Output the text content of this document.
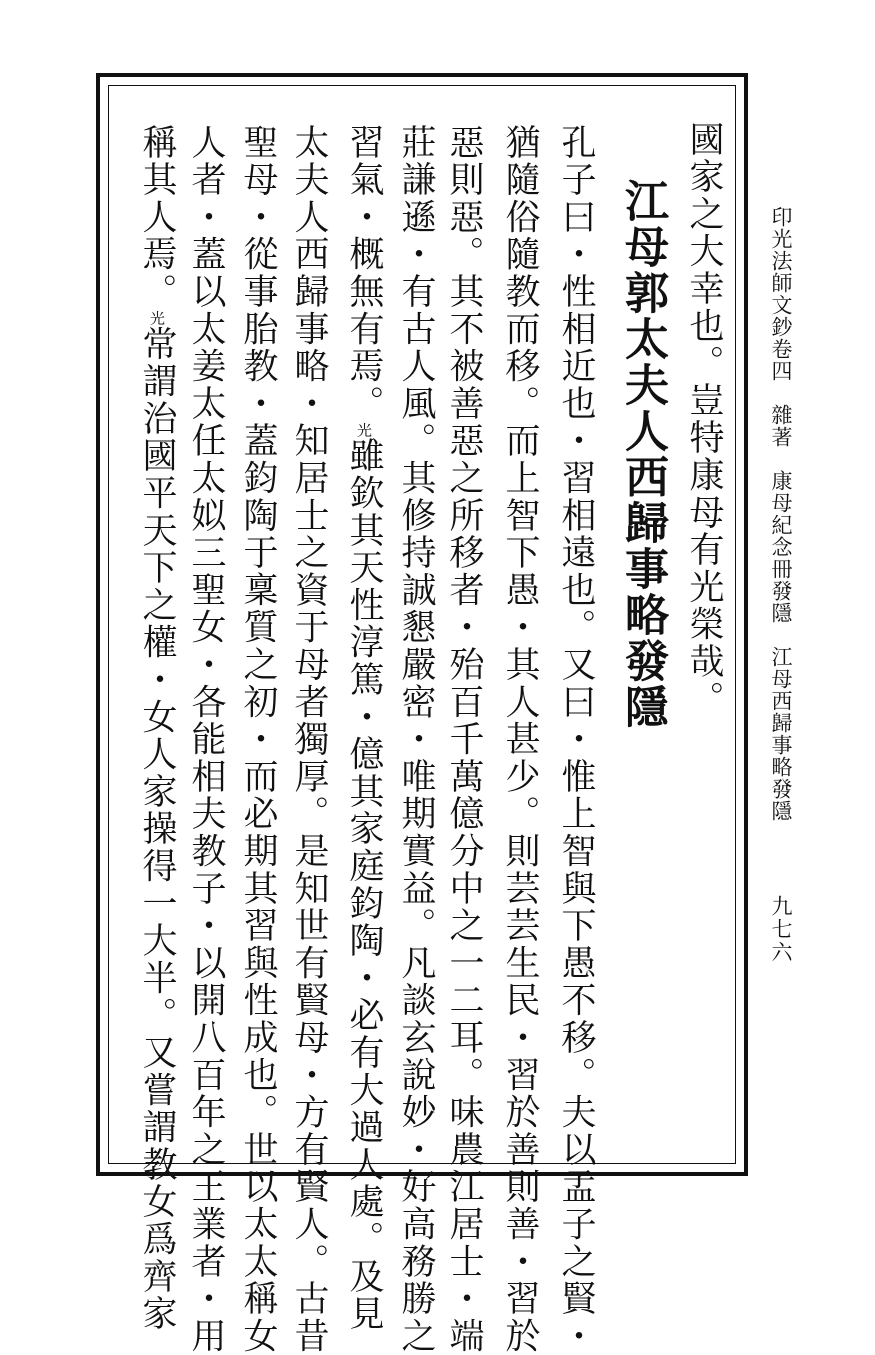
印光法師文鈔卷四雜著康母紀念冊發隱江母西歸事略發隱
九七六
國家之大幸也。豈特康母有光榮哉。
江母郭太夫人西歸事略發隱
孔子曰・性相近也・習相遠也。又曰・惟上智與下愚不移。夫以孟子之賢・
猶隨俗隨教而移。而上智下愚・其人甚少。則芸芸生民・習於善則善・習於
惡則惡。其不被善惡之所移者・殆百千萬億分中之一二耳。味農江居士・端
莊謙遜・有古人風。其修持誠懇嚴密・唯期實益。凡談玄說妙・好高務勝之
習氣・概無有焉。光雖欽其天性淳篤・億其家庭鈞陶・必有大過人處。及見
太夫人西歸事略・知居士之資于母者獨厚。是知世有賢母・方有賢人。古昔
聖母・從事胎教・蓋鈞陶于稟質之初・而必期其習與性成也。世以太太稱女
人者・蓋以太姜太任太姒三聖女・各能相夫教子・以開八百年之王業者・用
稱其人焉。光常謂治國平天下之權・女人家操得一大半。又嘗謂教女爲齊家
